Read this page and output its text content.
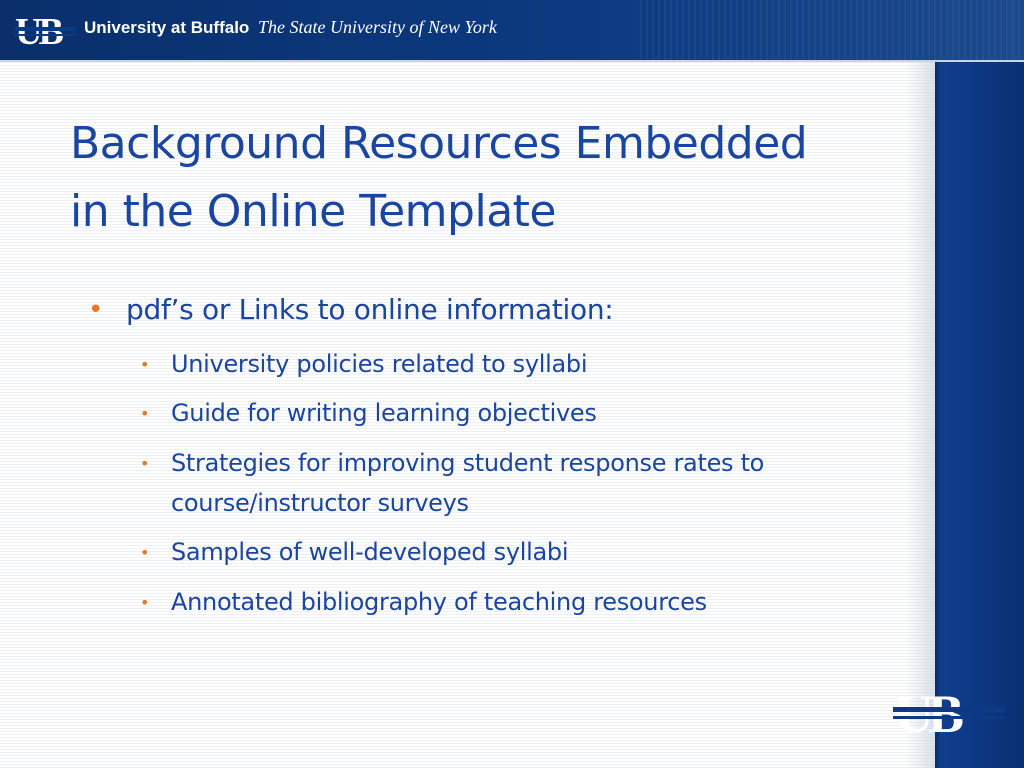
University at Buffalo The State University of New York
Background Resources Embedded
in the Online Template
• pdf’s or Links to online information:
• University policies related to syllabi
• Guide for writing learning objectives
• Strategies for improving student response rates to
course/instructor surveys
• Samples of well-developed syllabi
• Annotated bibliography of teaching resources
